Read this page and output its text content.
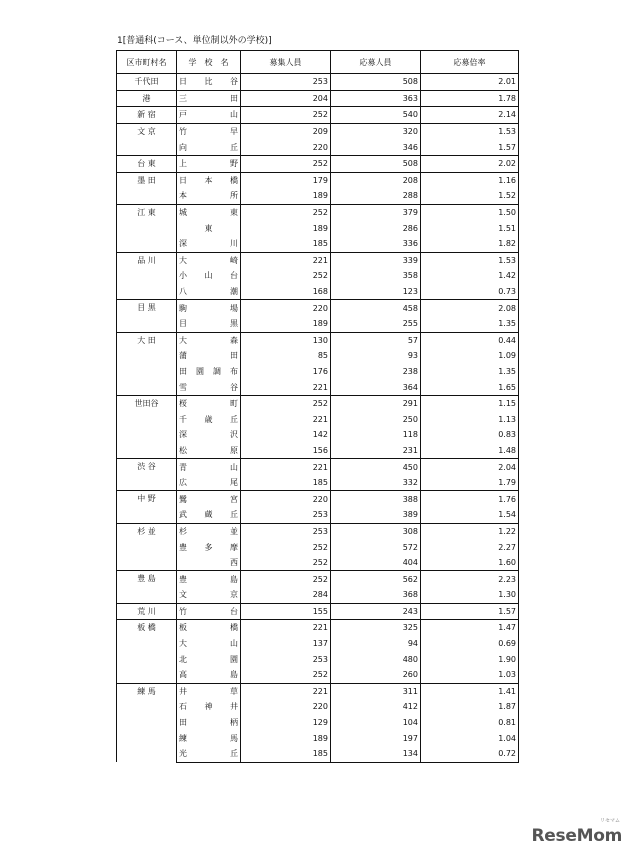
1[普通科(コース、単位制以外の学校)]
区市町村名	学　校　名	募集人員	応募人員	応募倍率
千代田	日 比 谷	253	508	2.01
港	三 田	204	363	1.78
新 宿	戸 山	252	540	2.14
文 京	竹 早	209	320	1.53

	向 丘	220	346	1.57
台 東	上 野	252	508	2.02
墨 田	日 本 橋	179	208	1.16

	本 所	189	288	1.52
江 東	城 東	252	379	1.50

	東	189	286	1.51

	深 川	185	336	1.82
品 川	大 崎	221	339	1.53

	小 山 台	252	358	1.42

	八 潮	168	123	0.73
目 黒	駒 場	220	458	2.08

	目 黒	189	255	1.35
大 田	大 森	130	57	0.44

	蒲 田	85	93	1.09

	田 園 調 布	176	238	1.35

	雪 谷	221	364	1.65
世田谷	桜 町	252	291	1.15

	千 歳 丘	221	250	1.13

	深 沢	142	118	0.83

	松 原	156	231	1.48
渋 谷	青 山	221	450	2.04

	広 尾	185	332	1.79
中 野	鷺 宮	220	388	1.76

	武 蔵 丘	253	389	1.54
杉 並	杉 並	253	308	1.22

	豊 多 摩	252	572	2.27

	西	252	404	1.60
豊 島	豊 島	252	562	2.23

	文 京	284	368	1.30
荒 川	竹 台	155	243	1.57
板 橋	板 橋	221	325	1.47

	大 山	137	94	0.69

	北 園	253	480	1.90

	高 島	252	260	1.03
練 馬	井 草	221	311	1.41

	石 神 井	220	412	1.87

	田 柄	129	104	0.81

	練 馬	189	197	1.04

	光 丘	185	134	0.72
リセマム
ReseMom
